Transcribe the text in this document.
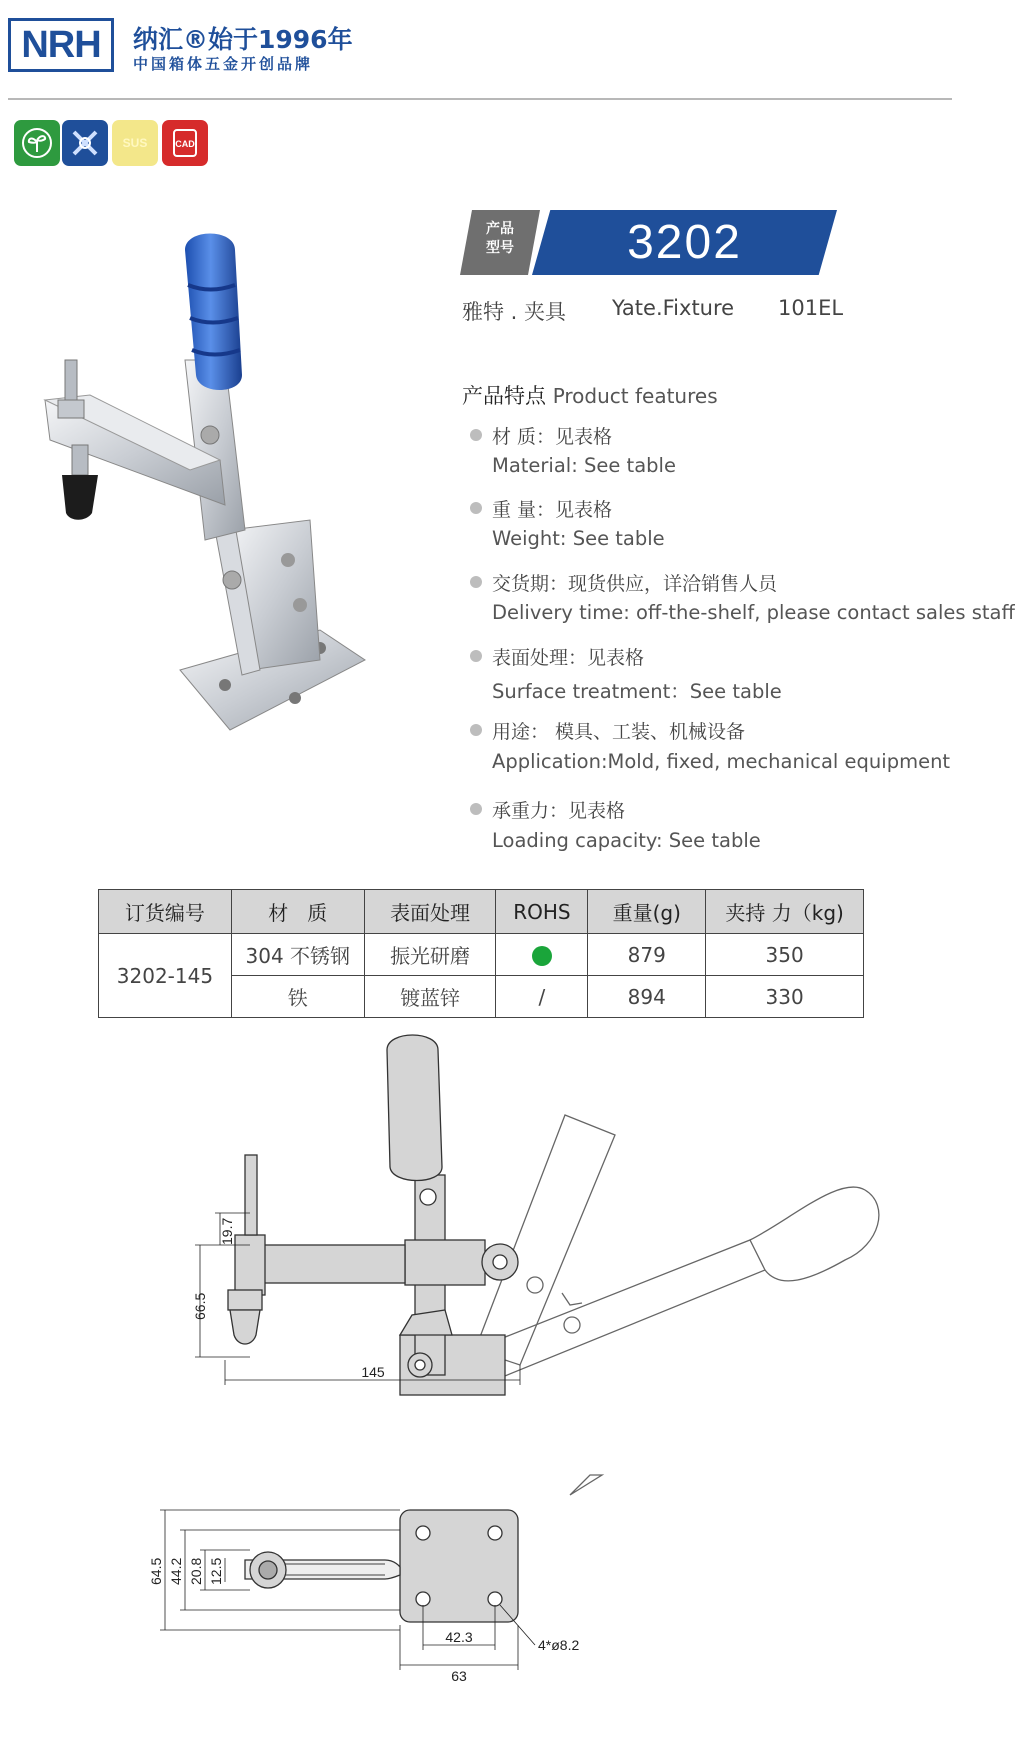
NRH	纳汇®始于1996年
中国箱体五金开创品牌
SUS	CAD
产品
型号	3202
雅特 . 夹具 Yate.Fixture 101EL
产品特点 Product features
材 质：见表格
Material: See table
重 量：见表格
Weight: See table
交货期：现货供应，详洽销售人员
Delivery time: off-the-shelf, please contact sales staff
表面处理：见表格
Surface treatment：See table
用途： 模具、工装、机械设备
Application:Mold, fixed, mechanical equipment
承重力：见表格
Loading capacity: See table
订货编号	材   质	表面处理	ROHS	重量(g)	夹持 力（kg)
3202-145	304 不锈钢	振光研磨		879	350
	铁	镀蓝锌	/	894	330
19.7
66.5
145
64.5 44.2 20.8 12.5
42.3
63
4*ø8.2
